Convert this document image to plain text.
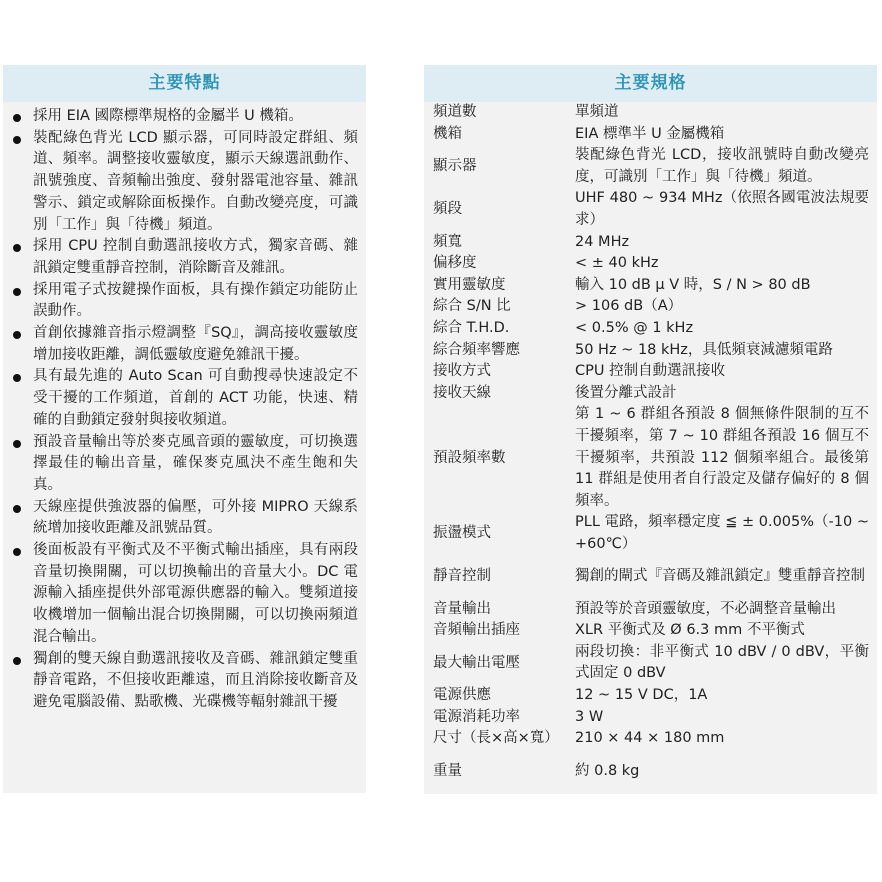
主要特點
採用 EIA 國際標準規格的金屬半 U 機箱。
裝配綠色背光 LCD 顯示器，可同時設定群組、頻道、頻率。調整接收靈敏度，顯示天線選訊動作、訊號強度、音頻輸出強度、發射器電池容量、雜訊警示、鎖定或解除面板操作。自動改變亮度，可識別「工作」與「待機」頻道。
採用 CPU 控制自動選訊接收方式，獨家音碼、雜訊鎖定雙重靜音控制，消除斷音及雜訊。
採用電子式按鍵操作面板，具有操作鎖定功能防止誤動作。
首創依據雜音指示燈調整『SQ』，調高接收靈敏度增加接收距離，調低靈敏度避免雜訊干擾。
具有最先進的 Auto Scan 可自動搜尋快速設定不受干擾的工作頻道，首創的 ACT 功能，快速、精確的自動鎖定發射與接收頻道。
預設音量輸出等於麥克風音頭的靈敏度，可切換選擇最佳的輸出音量，確保麥克風決不產生飽和失真。
天線座提供強波器的偏壓，可外接 MIPRO 天線系統增加接收距離及訊號品質。
後面板設有平衡式及不平衡式輸出插座，具有兩段音量切換開關，可以切換輸出的音量大小。DC 電源輸入插座提供外部電源供應器的輸入。雙頻道接收機增加一個輸出混合切換開關，可以切換兩頻道混合輸出。
獨創的雙天線自動選訊接收及音碼、雜訊鎖定雙重靜音電路，不但接收距離遠，而且消除接收斷音及避免電腦設備、點歌機、光碟機等輻射雜訊干擾
主要規格
頻道數	單頻道
機箱	EIA 標準半 U 金屬機箱
顯示器	裝配綠色背光 LCD，接收訊號時自動改變亮度，可識別「工作」與「待機」頻道。
頻段	UHF 480 ~ 934 MHz（依照各國電波法規要求）
頻寬	24 MHz
偏移度	< ± 40 kHz
實用靈敏度	輸入 10 dB μ V 時，S / N > 80 dB
綜合 S/N 比	> 106 dB（A）
綜合 T.H.D.	< 0.5% @ 1 kHz
綜合頻率響應	50 Hz ~ 18 kHz，具低頻衰減濾頻電路
接收方式	CPU 控制自動選訊接收
接收天線	後置分離式設計
預設頻率數	第 1 ~ 6 群組各預設 8 個無條件限制的互不干擾頻率，第 7 ~ 10 群組各預設 16 個互不干擾頻率，共預設 112 個頻率組合。最後第 11 群組是使用者自行設定及儲存偏好的 8 個頻率。
振盪模式	PLL 電路，頻率穩定度 ≦ ± 0.005%（-10 ~ +60℃）
靜音控制	獨創的閘式『音碼及雜訊鎖定』雙重靜音控制
音量輸出	預設等於音頭靈敏度，不必調整音量輸出
音頻輸出插座	XLR 平衡式及 Ø 6.3 mm 不平衡式
最大輸出電壓	兩段切換：非平衡式 10 dBV / 0 dBV，平衡式固定 0 dBV
電源供應	12 ~ 15 V DC，1A
電源消耗功率	3 W
尺寸（長×高×寬）	210 × 44 × 180 mm
重量	約 0.8 kg
